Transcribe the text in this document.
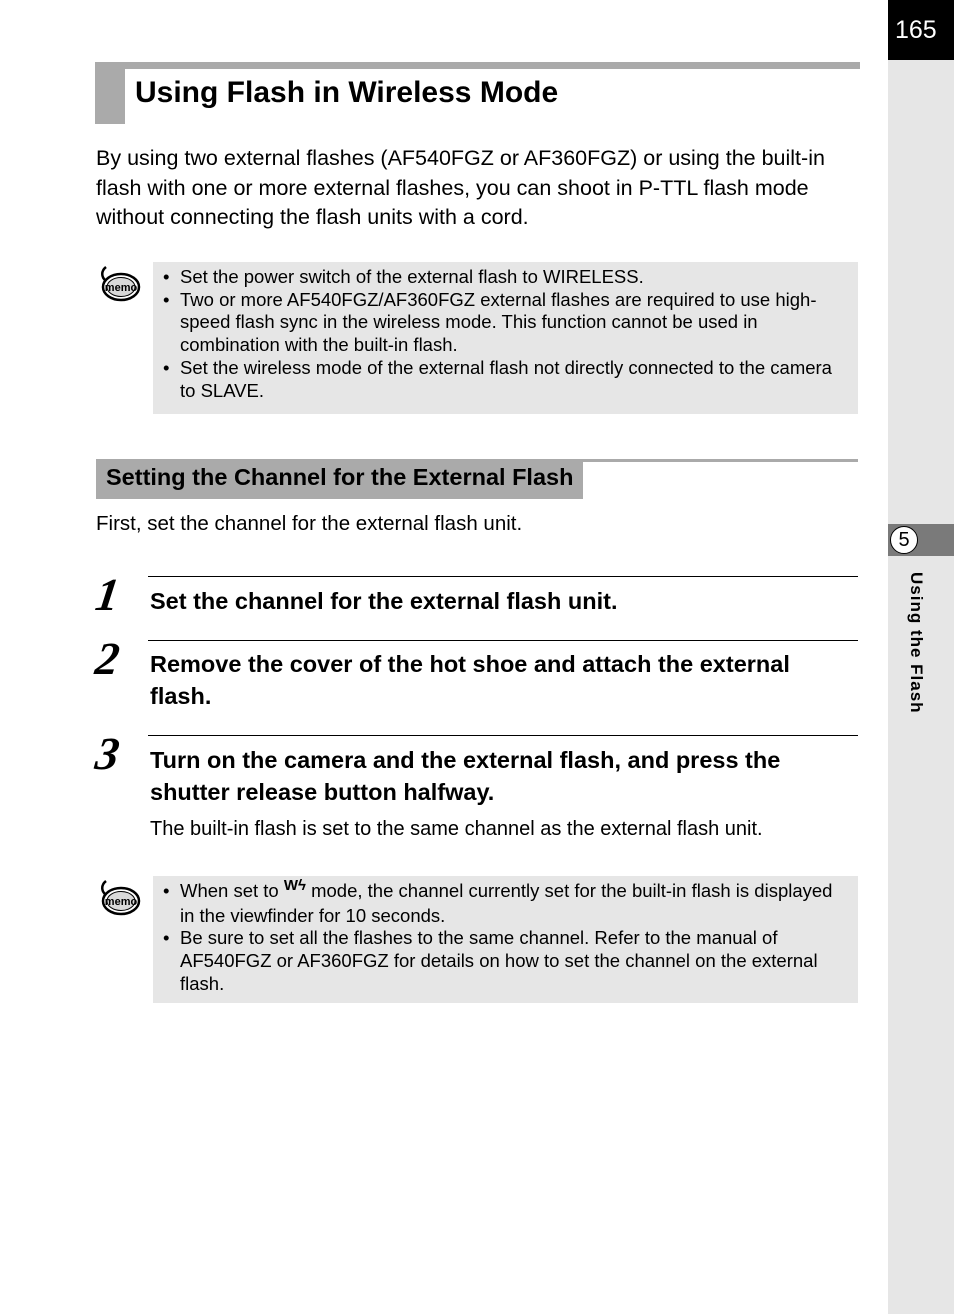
165
5
Using the Flash
Using Flash in Wireless Mode

By using two external flashes (AF540FGZ or AF360FGZ) or using the built-in flash with one or more external flashes, you can shoot in P-TTL flash mode without connecting the flash units with a cord.

memo
• Set the power switch of the external flash to WIRELESS.
• Two or more AF540FGZ/AF360FGZ external flashes are required to use high-speed flash sync in the wireless mode. This function cannot be used in combination with the built-in flash.
• Set the wireless mode of the external flash not directly connected to the camera to SLAVE.
Setting the Channel for the External Flash

First, set the channel for the external flash unit.

1 Set the channel for the external flash unit.

2 Remove the cover of the hot shoe and attach the external flash.

3 Turn on the camera and the external flash, and press the shutter release button halfway.

The built-in flash is set to the same channel as the external flash unit.

memo
• When set to $^{Wϟ}$ mode, the channel currently set for the built-in flash is displayed in the viewfinder for 10 seconds.
• Be sure to set all the flashes to the same channel. Refer to the manual of AF540FGZ or AF360FGZ for details on how to set the channel on the external flash.
